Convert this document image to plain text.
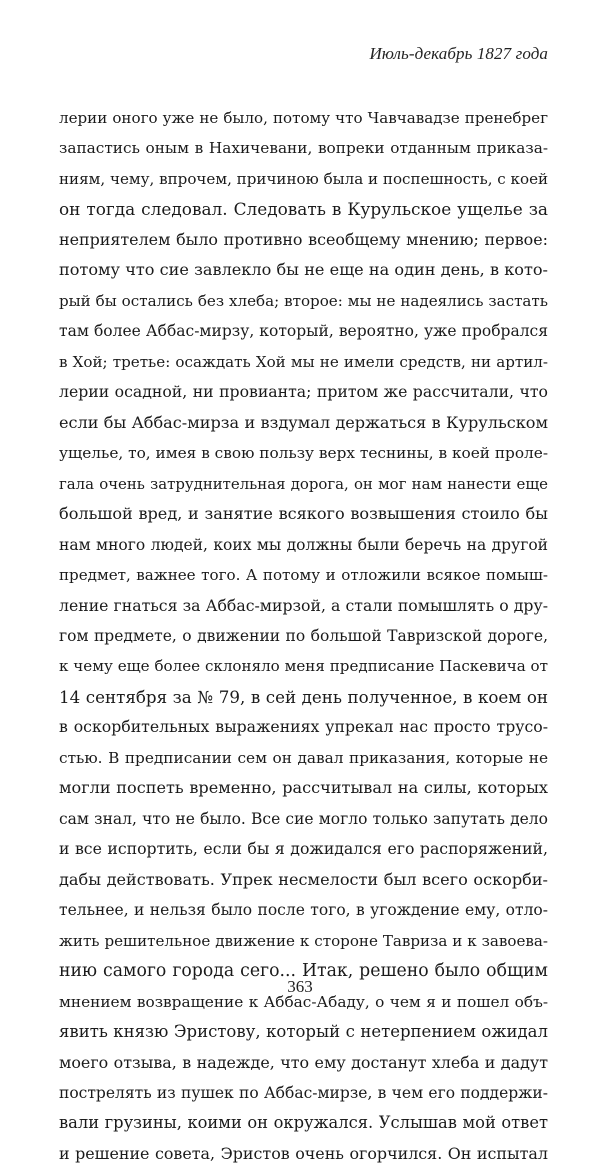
Июль-декабрь 1827 года
лерии оного уже не было, потому что Чавчавадзе пренебрег
запастись оным в Нахичевани, вопреки отданным приказа-
ниям, чему, впрочем, причиною была и поспешность, с коей
он тогда следовал. Следовать в Курульское ущелье за
неприятелем было противно всеобщему мнению; первое:
потому что сие завлекло бы не еще на один день, в кото-
рый бы остались без хлеба; второе: мы не надеялись застать
там более Аббас-мирзу, который, вероятно, уже пробрался
в Хой; третье: осаждать Хой мы не имели средств, ни артил-
лерии осадной, ни провианта; притом же рассчитали, что
если бы Аббас-мирза и вздумал держаться в Курульском
ущелье, то, имея в свою пользу верх теснины, в коей проле-
гала очень затруднительная дорога, он мог нам нанести еще
большой вред, и занятие всякого возвышения стоило бы
нам много людей, коих мы должны были беречь на другой
предмет, важнее того. А потому и отложили всякое помыш-
ление гнаться за Аббас-мирзой, а стали помышлять о дру-
гом предмете, о движении по большой Тавризской дороге,
к чему еще более склоняло меня предписание Паскевича от
14 сентября за № 79, в сей день полученное, в коем он
в оскорбительных выражениях упрекал нас просто трусо-
стью. В предписании сем он давал приказания, которые не
могли поспеть временно, рассчитывал на силы, которых
сам знал, что не было. Все сие могло только запутать дело
и все испортить, если бы я дожидался его распоряжений,
дабы действовать. Упрек несмелости был всего оскорби-
тельнее, и нельзя было после того, в угождение ему, отло-
жить решительное движение к стороне Тавриза и к завоева-
нию самого города сего... Итак, решено было общим
мнением возвращение к Аббас-Абаду, о чем я и пошел объ-
явить князю Эристову, который с нетерпением ожидал
моего отзыва, в надежде, что ему достанут хлеба и дадут
пострелять из пушек по Аббас-мирзе, в чем его поддержи-
вали грузины, коими он окружался. Услышав мой ответ
и решение совета, Эристов очень огорчился. Он испытал
363
